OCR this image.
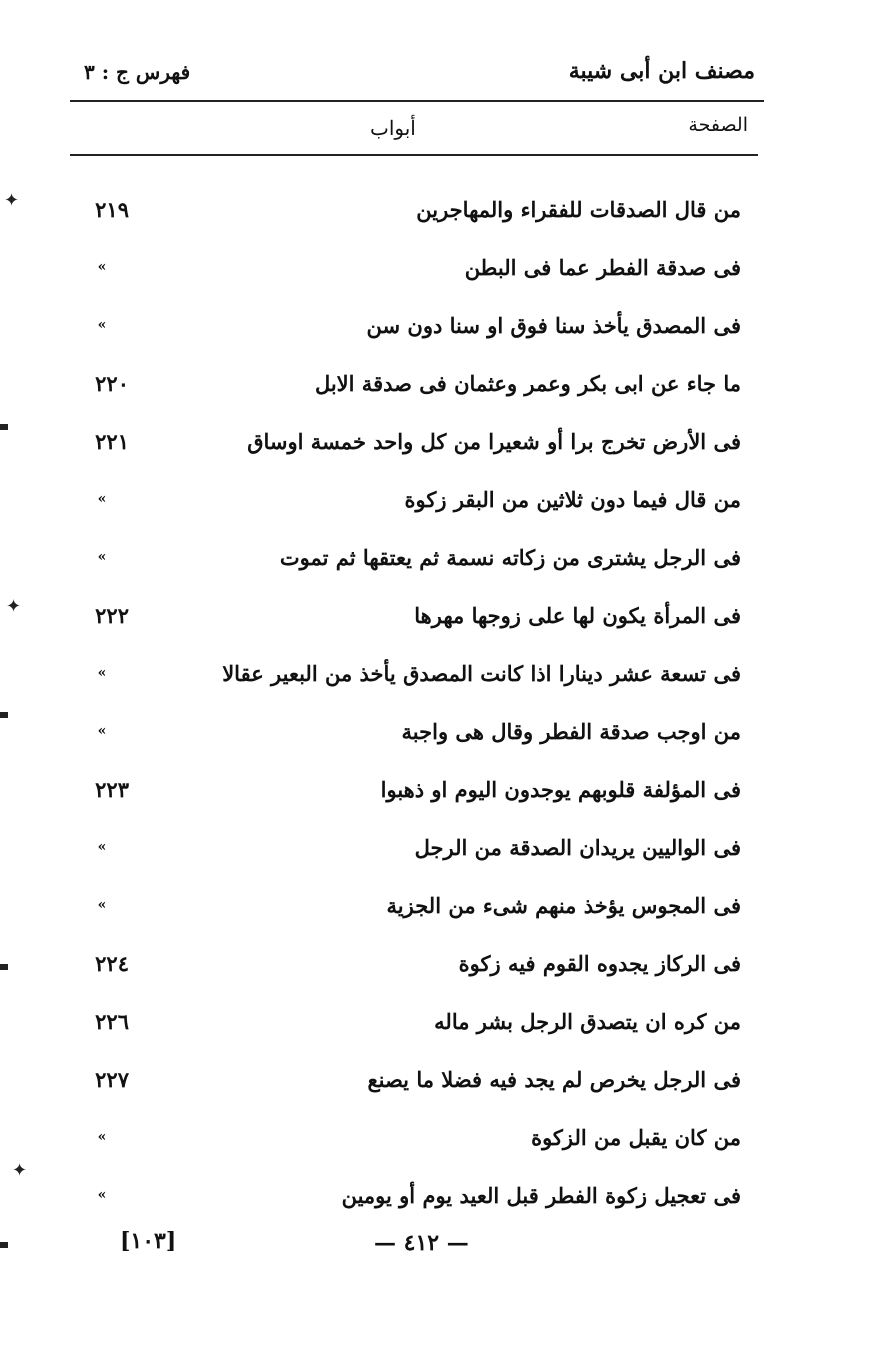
مصنف ابن أبى شيبة
فهرس ج : ٣
الصفحة
أبواب
٢١٩	من قال الصدقات للفقراء والمهاجرين
»	فى صدقة الفطر عما فى البطن
»	فى المصدق يأخذ سنا فوق او سنا دون سن
٢٢٠	ما جاء عن ابى بكر وعمر وعثمان فى صدقة الابل
٢٢١	فى الأرض تخرج برا أو شعيرا من كل واحد خمسة اوساق
»	من قال فيما دون ثلاثين من البقر زكوة
»	فى الرجل يشترى من زكاته نسمة ثم يعتقها ثم تموت
٢٢٢	فى المرأة يكون لها على زوجها مهرها
»	فى تسعة عشر دينارا اذا كانت المصدق يأخذ من البعير عقالا
»	من اوجب صدقة الفطر وقال هى واجبة
٢٢٣	فى المؤلفة قلوبهم يوجدون اليوم او ذهبوا
»	فى الواليين يريدان الصدقة من الرجل
»	فى المجوس يؤخذ منهم شىء من الجزية
٢٢٤	فى الركاز يجدوه القوم فيه زكوة
٢٢٦	من كره ان يتصدق الرجل بشر ماله
٢٢٧	فى الرجل يخرص لم يجد فيه فضلا ما يصنع
»	من كان يقبل من الزكوة
»	فى تعجيل زكوة الفطر قبل العيد يوم أو يومين
— ٤١٢ —
[١٠٣]
✦
✦
✦
